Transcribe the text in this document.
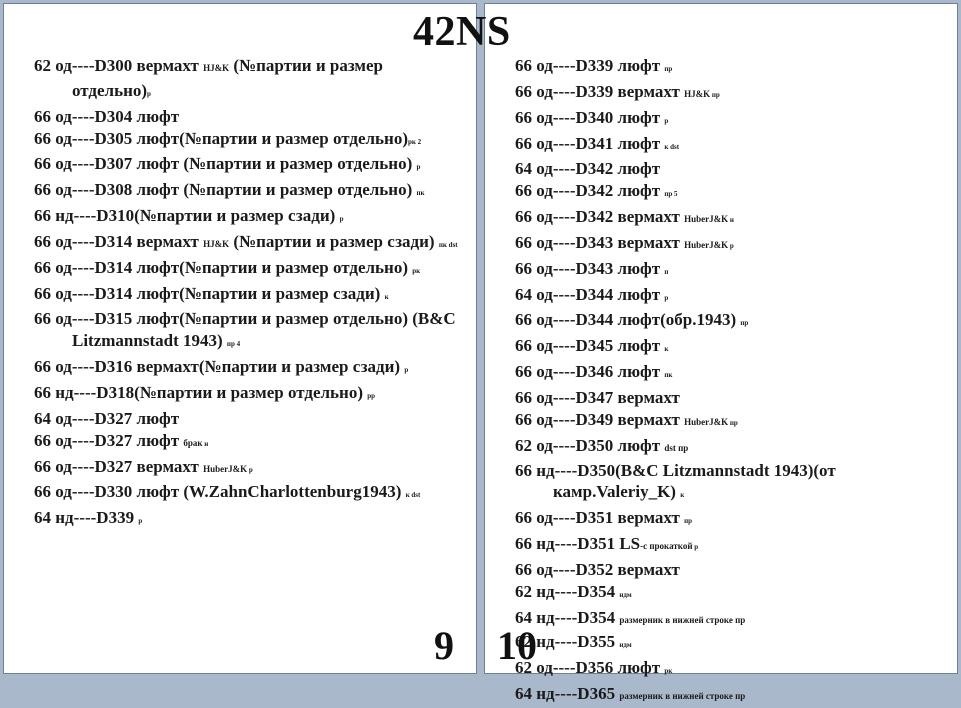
42NS
62 од----D300 вермахт HJ&K (№партии и размер отдельно)р
66 од----D304 люфт
66 од----D305 люфт(№партии и размер отдельно)рк 2
66 од----D307 люфт (№партии и размер отдельно) р
66 од----D308 люфт (№партии и размер отдельно) пк
66 нд----D310(№партии и размер сзади) р
66 од----D314 вермахт HJ&K (№партии и размер сзади) пк dst
66 од----D314 люфт(№партии и размер отдельно) рк
66 од----D314 люфт(№партии и размер сзади) к
66 од----D315 люфт(№партии и размер отдельно) (B&C Litzmannstadt 1943) пр 4
66 од----D316 вермахт(№партии и размер сзади) р
66 нд----D318(№партии и размер отдельно) рр
64 од----D327 люфт
66 од----D327 люфт брак н
66 од----D327 вермахт HuberJ&K р
66 од----D330 люфт (W.ZahnCharlottenburg1943) к dst
64 нд----D339 р
9
66 од----D339 люфт пр
66 од----D339 вермахт HJ&K пр
66 од----D340 люфт р
66 од----D341 люфт к dst
64 од----D342 люфт
66 од----D342 люфт пр 5
66 од----D342 вермахт HuberJ&K н
66 од----D343 вермахт HuberJ&K р
66 од----D343 люфт п
64 од----D344 люфт р
66 од----D344 люфт(обр.1943) пр
66 од----D345 люфт к
66 од----D346 люфт пк
66 од----D347 вермахт
66 од----D349 вермахт HuberJ&K пр
62 од----D350 люфт dst пр
66 нд----D350(B&C Litzmannstadt 1943)(от камр.Valeriy_K) к
66 од----D351 вермахт пр
66 нд----D351 LS-с прокаткой р
66 од----D352 вермахт
62 нд----D354 ндм
64 нд----D354 размерник в нижней строке пр
62 нд----D355 ндм
62 од----D356 люфт рк
64 нд----D365 размерник в нижней строке пр
10
